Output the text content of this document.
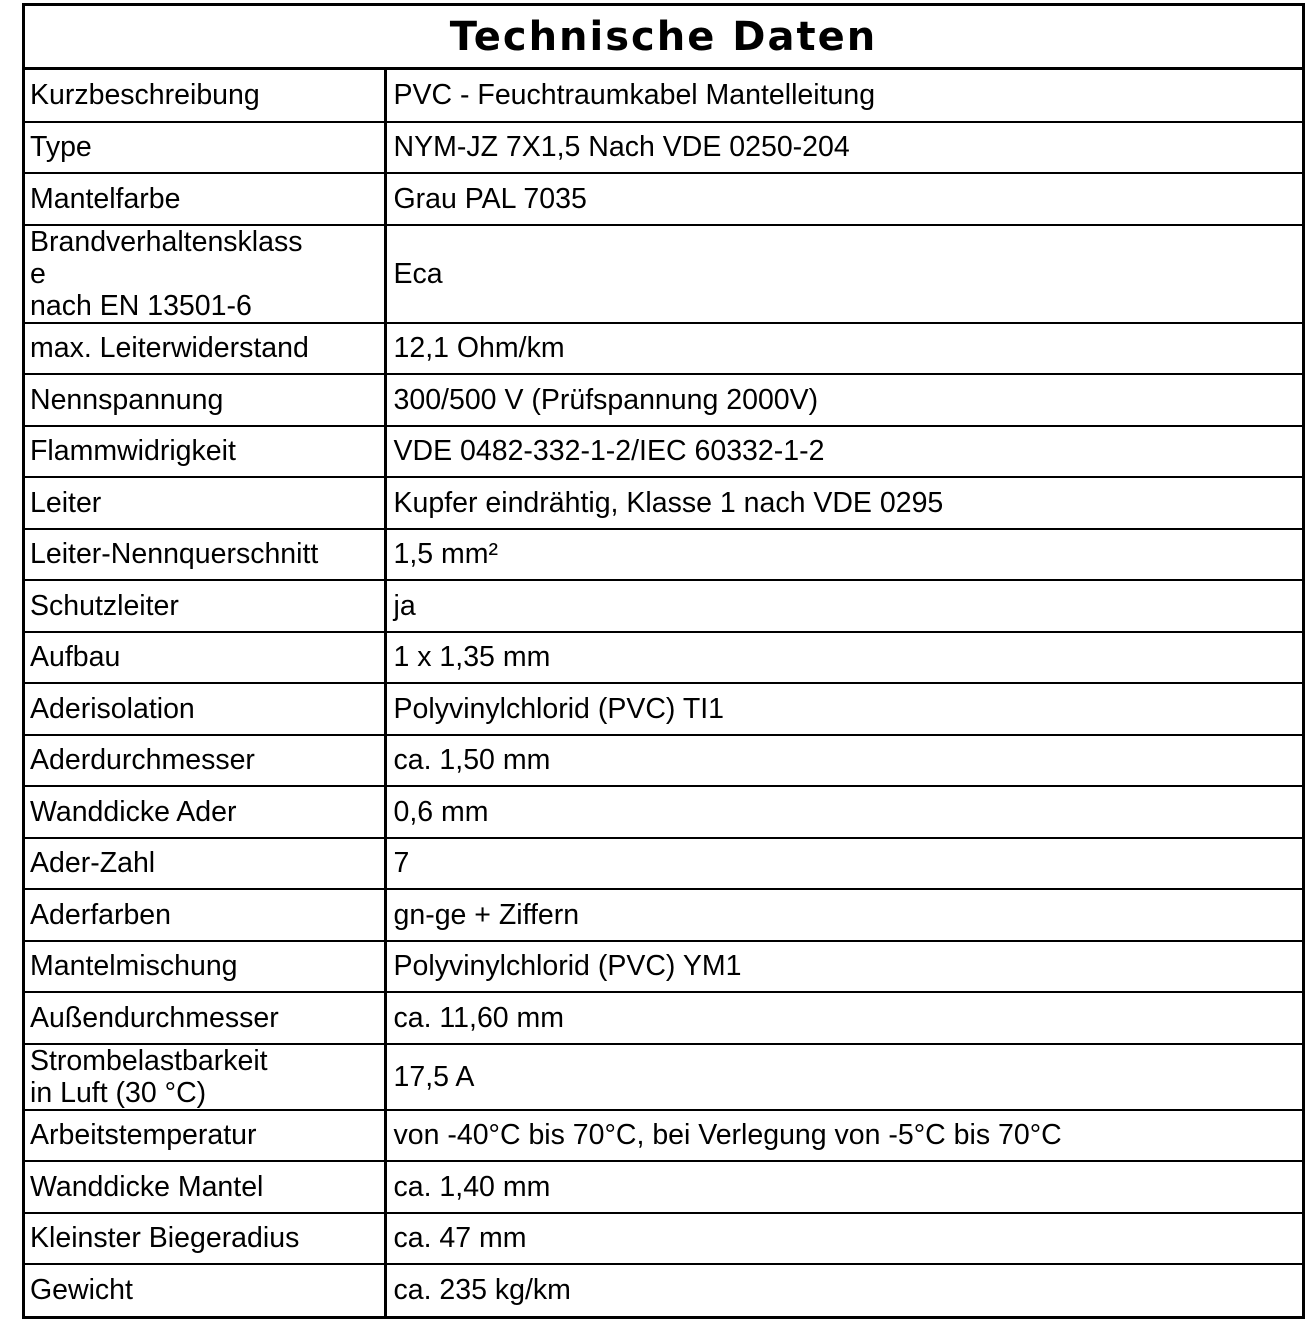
Technische Daten
Kurzbeschreibung	PVC - Feuchtraumkabel Mantelleitung
Type	NYM-JZ 7X1,5 Nach VDE 0250-204
Mantelfarbe	Grau PAL 7035
Brandverhaltensklass
e
nach EN 13501-6	Eca
max. Leiterwiderstand	12,1 Ohm/km
Nennspannung	300/500 V (Prüfspannung 2000V)
Flammwidrigkeit	VDE 0482-332-1-2/IEC 60332-1-2
Leiter	Kupfer eindrähtig, Klasse 1 nach VDE 0295
Leiter-Nennquerschnitt	1,5 mm²
Schutzleiter	ja
Aufbau	1 x 1,35 mm
Aderisolation	Polyvinylchlorid (PVC) TI1
Aderdurchmesser	ca. 1,50 mm
Wanddicke Ader	0,6 mm
Ader-Zahl	7
Aderfarben	gn-ge + Ziffern
Mantelmischung	Polyvinylchlorid (PVC) YM1
Außendurchmesser	ca. 11,60 mm
Strombelastbarkeit
in Luft (30 °C)	17,5 A
Arbeitstemperatur	von -40°C bis 70°C, bei Verlegung von -5°C bis 70°C
Wanddicke Mantel	ca. 1,40 mm
Kleinster Biegeradius	ca. 47 mm
Gewicht	ca. 235 kg/km
